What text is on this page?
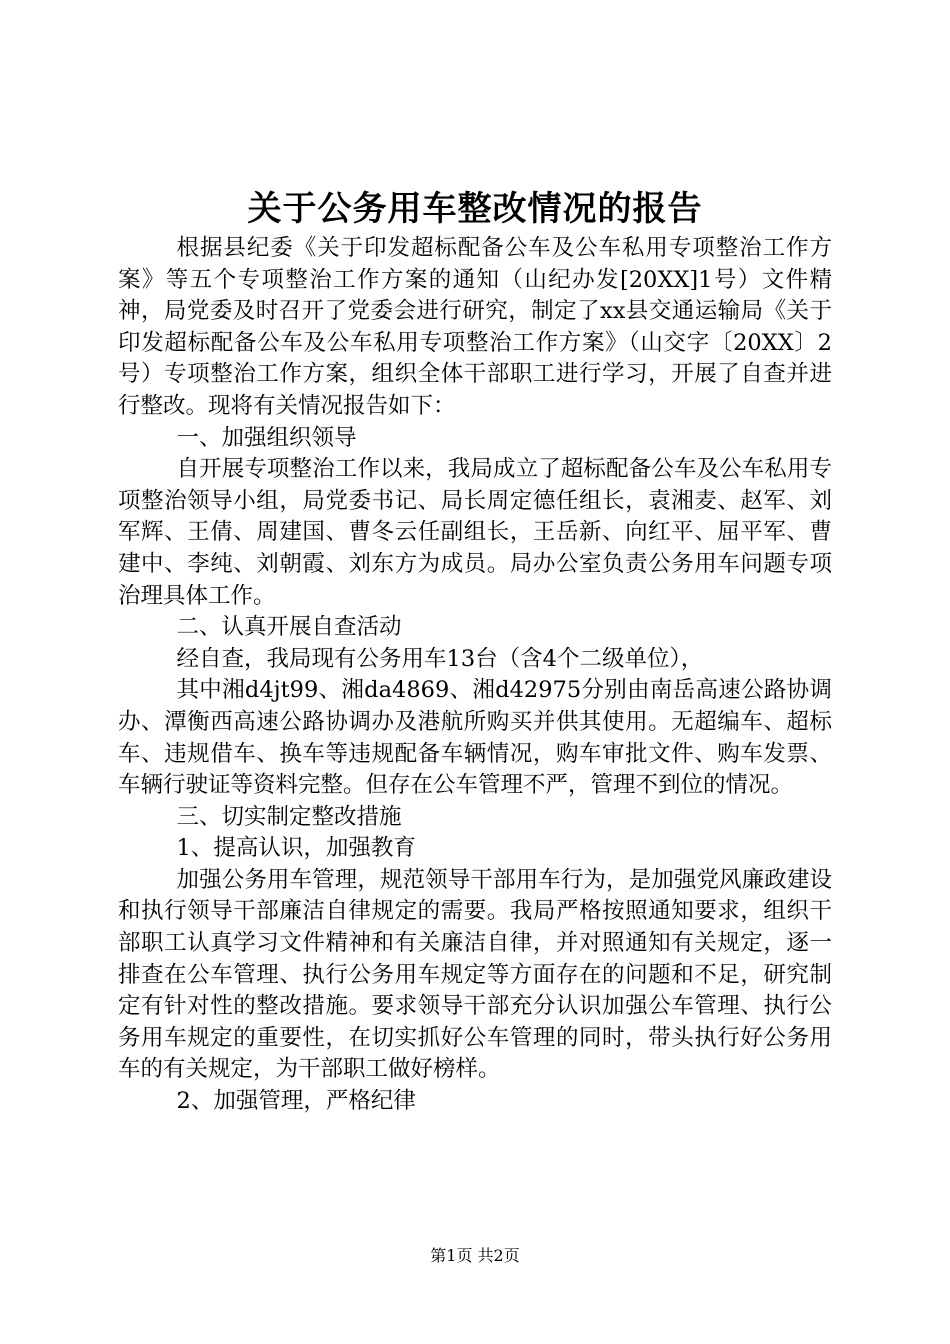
关于公务用车整改情况的报告

根据县纪委《关于印发超标配备公车及公车私用专项整治工作方案》等五个专项整治工作方案的通知（山纪办发[20XX]1号）文件精神，局党委及时召开了党委会进行研究，制定了xx县交通运输局《关于印发超标配备公车及公车私用专项整治工作方案》（山交字〔20XX〕2号）专项整治工作方案，组织全体干部职工进行学习，开展了自查并进行整改。现将有关情况报告如下：

一、加强组织领导

自开展专项整治工作以来，我局成立了超标配备公车及公车私用专项整治领导小组，局党委书记、局长周定德任组长，袁湘麦、赵军、刘军辉、王倩、周建国、曹冬云任副组长，王岳新、向红平、屈平军、曹建中、李纯、刘朝霞、刘东方为成员。局办公室负责公务用车问题专项治理具体工作。

二、认真开展自查活动

经自查，我局现有公务用车13台（含4个二级单位），

其中湘d4jt99、湘da4869、湘d42975分别由南岳高速公路协调办、潭衡西高速公路协调办及港航所购买并供其使用。无超编车、超标车、违规借车、换车等违规配备车辆情况，购车审批文件、购车发票、车辆行驶证等资料完整。但存在公车管理不严，管理不到位的情况。

三、切实制定整改措施

1、提高认识，加强教育

加强公务用车管理，规范领导干部用车行为，是加强党风廉政建设和执行领导干部廉洁自律规定的需要。我局严格按照通知要求，组织干部职工认真学习文件精神和有关廉洁自律，并对照通知有关规定，逐一排查在公车管理、执行公务用车规定等方面存在的问题和不足，研究制定有针对性的整改措施。要求领导干部充分认识加强公车管理、执行公务用车规定的重要性，在切实抓好公车管理的同时，带头执行好公务用车的有关规定，为干部职工做好榜样。

2、加强管理，严格纪律

第1页 共2页
